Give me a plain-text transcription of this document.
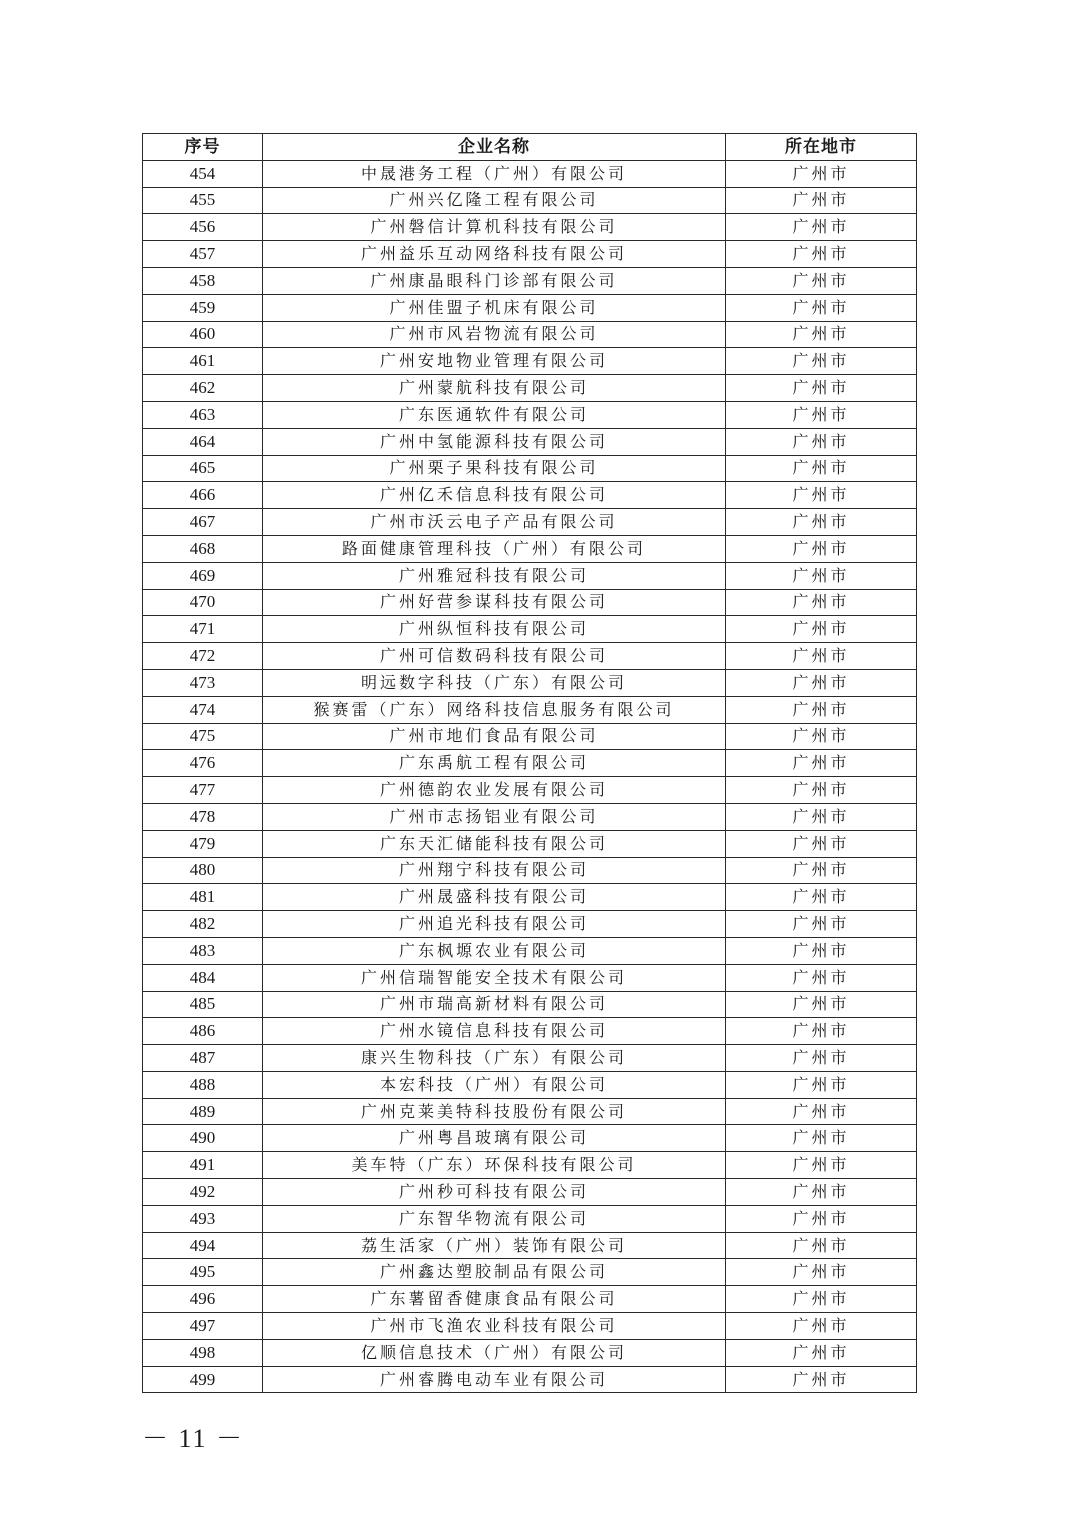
序号	企业名称	所在地市
454	中晟港务工程（广州）有限公司	广州市
455	广州兴亿隆工程有限公司	广州市
456	广州磐信计算机科技有限公司	广州市
457	广州益乐互动网络科技有限公司	广州市
458	广州康晶眼科门诊部有限公司	广州市
459	广州佳盟子机床有限公司	广州市
460	广州市风岩物流有限公司	广州市
461	广州安地物业管理有限公司	广州市
462	广州蒙航科技有限公司	广州市
463	广东医通软件有限公司	广州市
464	广州中氢能源科技有限公司	广州市
465	广州栗子果科技有限公司	广州市
466	广州亿禾信息科技有限公司	广州市
467	广州市沃云电子产品有限公司	广州市
468	路面健康管理科技（广州）有限公司	广州市
469	广州雅冠科技有限公司	广州市
470	广州好营参谋科技有限公司	广州市
471	广州纵恒科技有限公司	广州市
472	广州可信数码科技有限公司	广州市
473	明远数字科技（广东）有限公司	广州市
474	猴赛雷（广东）网络科技信息服务有限公司	广州市
475	广州市地们食品有限公司	广州市
476	广东禹航工程有限公司	广州市
477	广州德韵农业发展有限公司	广州市
478	广州市志扬铝业有限公司	广州市
479	广东天汇储能科技有限公司	广州市
480	广州翔宁科技有限公司	广州市
481	广州晟盛科技有限公司	广州市
482	广州追光科技有限公司	广州市
483	广东枫塬农业有限公司	广州市
484	广州信瑞智能安全技术有限公司	广州市
485	广州市瑞高新材料有限公司	广州市
486	广州水镜信息科技有限公司	广州市
487	康兴生物科技（广东）有限公司	广州市
488	本宏科技（广州）有限公司	广州市
489	广州克莱美特科技股份有限公司	广州市
490	广州粤昌玻璃有限公司	广州市
491	美车特（广东）环保科技有限公司	广州市
492	广州秒可科技有限公司	广州市
493	广东智华物流有限公司	广州市
494	荔生活家（广州）装饰有限公司	广州市
495	广州鑫达塑胶制品有限公司	广州市
496	广东薯留香健康食品有限公司	广州市
497	广州市飞渔农业科技有限公司	广州市
498	亿顺信息技术（广州）有限公司	广州市
499	广州睿腾电动车业有限公司	广州市
－ 11 －
